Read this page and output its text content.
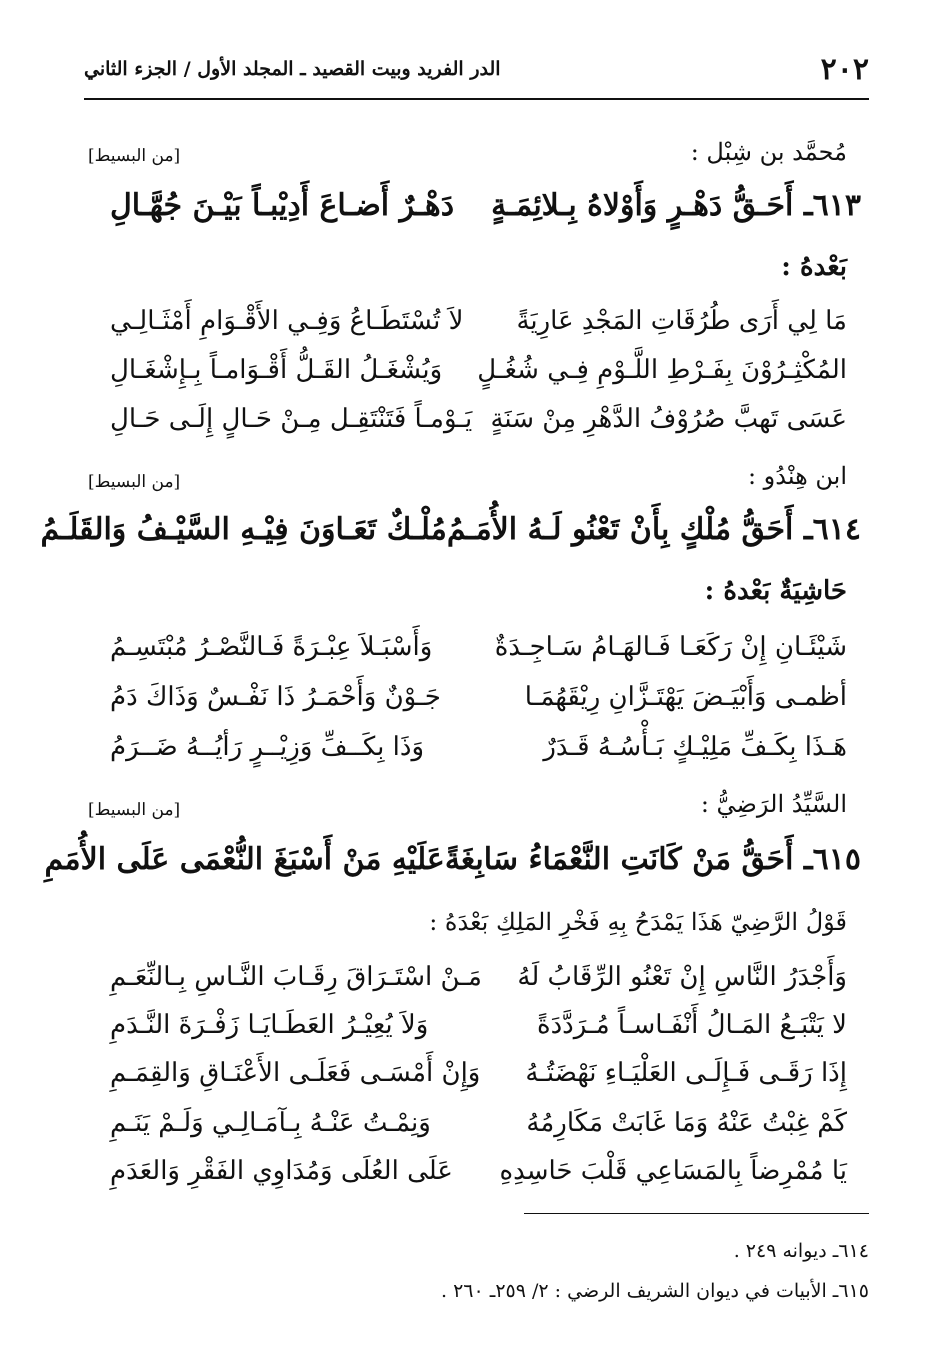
٢٠٢
الدر الفريد وبيت القصيد ـ المجلد الأول / الجزء الثاني
مُحمَّد بن شِبْل :
[من البسيط]
٦١٣ـ أَحَـقُّ دَهْـرٍ وَأَوْلاهُ بِـلائِمَـةٍ
دَهْـرٌ أَضـاعَ أَدِيْبـاً بَيْـنَ جُهَّـالِ
بَعْدهُ :
مَا لِي أَرَى طُرُقَاتِ المَجْدِ عَارِيَةً
لاَ تُسْتَطَـاعُ وَفِـي الأَقْـوَامِ أَمْثَـالِـي
المُكْثِـرُوْنَ بِفَـرْطِ اللَّـوْمِ فِـي شُغُـلٍ
وَيُشْغَـلُ القَـلُّ أَقْـوَامـاً بِـإِشْغَـالِ
عَسَى تَهبَّ صُرُوْفُ الدَّهْرِ مِنْ سَنَةٍ
يَـوْمـاً فَتَنْتَقِـل مِـنْ حَـالٍ إِلَـى حَـالِ
ابن هِنْدُو :
[من البسيط]
٦١٤ـ أَحَقُّ مُلْكٍ بِأَنْ تَعْنُو لَـهُ الأُمَـمُ
مُلْـكٌ تَعَـاوَنَ فِيْـهِ السَّيْـفُ وَالقَلَـمُ
حَاشِيَةٌ بَعْدهُ :
شَيْئَـانِ إِنْ رَكَعَـا فَـالهَـامُ سَـاجِـدَةٌ
وَأَسْبَـلاَ عِبْـرَةً فَـالنَّصْـرُ مُبْتَسِـمُ
أظمـى وَأَبْيَـضَ يَهْتَـزَّانِ رِيْقَهُمَـا
جَـوْنٌ وَأَحْمَـرُ ذَا نَفْـسٌ وَذَاكَ دَمُ
هَـذَا بِكَـفِّ مَلِيْـكٍ بَـأْسُـهُ قَـدَرٌ
وَذَا بِكَــفِّ وَزِيْــرٍ رَأيُــهُ ضَــرَمُ
السَّيِّدُ الرَضِيُّ :
[من البسيط]
٦١٥ـ أَحَقُّ مَنْ كَانَتِ النَّعْمَاءُ سَابِغَةً
عَلَيْهِ مَنْ أَسْبَغَ النُّعْمَى عَلَى الأُمَمِ
قَوْلُ الرَّضِيّ هَذَا يَمْدَحُ بِهِ فَخْرِ المَلِكِ بَعْدَهُ :
وَأَجْدَرُ النَّاسِ إِنْ تَعْنُو الرِّقَابُ لَهُ
مَـنْ اسْتَـرَاقَ رِقَـابَ النَّـاسِ بِـالنِّعَـمِ
لا يَتْبَـعُ المَـالُ أَنْفَـاسـاً مُـرَدَّدَةً
وَلاَ يُعِيْـرُ العَطَـايَـا زَفْـرَةَ النَّـدَمِ
إِذَا رَقَـى فَـإِلَـى العَلْيَـاءِ نَهْضَتُـهُ
وَإِنْ أَمْسَـى فَعَلَـى الأَعْنَـاقِ وَالقِمَـمِ
كَمْ غِبْتُ عَنْهُ وَمَا غَابَتْ مَكَارِمُهُ
وَنِمْـتُ عَنْـهُ بِـآمَـالِـي وَلَـمْ يَنَـمِ
يَا مُمْرِضاً بِالمَسَاعِي قَلْبَ حَاسِدِهِ
عَلَى العُلَى وَمُدَاوِي الفَقْرِ وَالعَدَمِ
٦١٤ـ ديوانه ٢٤٩ .
٦١٥ـ الأبيات في ديوان الشريف الرضي : ٢/ ٢٥٩ـ ٢٦٠ .
